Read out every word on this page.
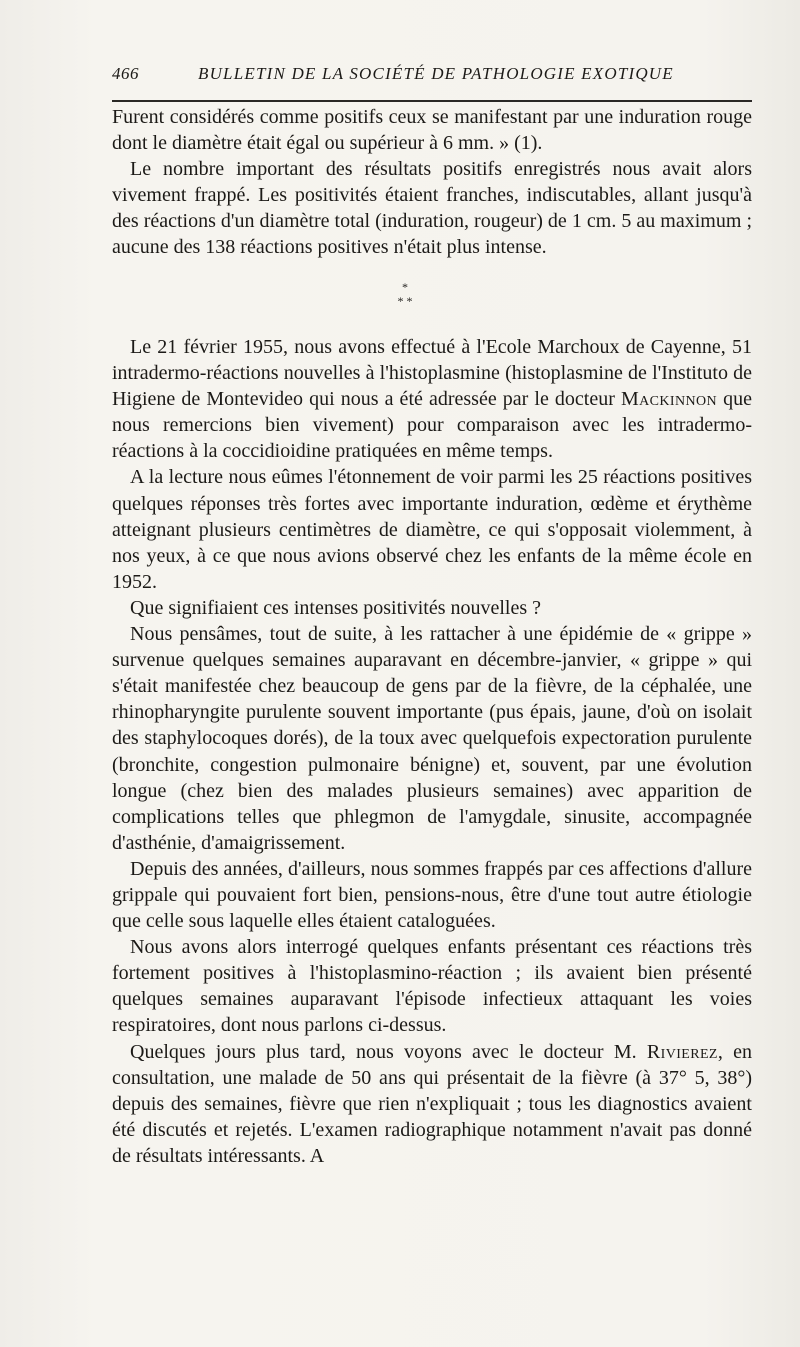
466	BULLETIN DE LA SOCIÉTÉ DE PATHOLOGIE EXOTIQUE

Furent considérés comme positifs ceux se manifestant par une induration rouge dont le diamètre était égal ou supérieur à 6 mm. » (1).

Le nombre important des résultats positifs enregistrés nous avait alors vivement frappé. Les positivités étaient franches, indiscutables, allant jusqu'à des réactions d'un diamètre total (induration, rougeur) de 1 cm. 5 au maximum ; aucune des 138 réactions positives n'était plus intense.

*
* *

Le 21 février 1955, nous avons effectué à l'Ecole Marchoux de Cayenne, 51 intradermo-réactions nouvelles à l'histoplasmine (histoplasmine de l'Instituto de Higiene de Montevideo qui nous a été adressée par le docteur Mackinnon que nous remercions bien vivement) pour comparaison avec les intradermo-réactions à la coccidioidine pratiquées en même temps.

A la lecture nous eûmes l'étonnement de voir parmi les 25 réactions positives quelques réponses très fortes avec importante induration, œdème et érythème atteignant plusieurs centimètres de diamètre, ce qui s'opposait violemment, à nos yeux, à ce que nous avions observé chez les enfants de la même école en 1952.

Que signifiaient ces intenses positivités nouvelles ?

Nous pensâmes, tout de suite, à les rattacher à une épidémie de « grippe » survenue quelques semaines auparavant en décembre-janvier, « grippe » qui s'était manifestée chez beaucoup de gens par de la fièvre, de la céphalée, une rhinopharyngite purulente souvent importante (pus épais, jaune, d'où on isolait des staphylocoques dorés), de la toux avec quelquefois expectoration purulente (bronchite, congestion pulmonaire bénigne) et, souvent, par une évolution longue (chez bien des malades plusieurs semaines) avec apparition de complications telles que phlegmon de l'amygdale, sinusite, accompagnée d'asthénie, d'amaigrissement.

Depuis des années, d'ailleurs, nous sommes frappés par ces affections d'allure grippale qui pouvaient fort bien, pensions-nous, être d'une tout autre étiologie que celle sous laquelle elles étaient cataloguées.

Nous avons alors interrogé quelques enfants présentant ces réactions très fortement positives à l'histoplasmino-réaction ; ils avaient bien présenté quelques semaines auparavant l'épisode infectieux attaquant les voies respiratoires, dont nous parlons ci-dessus.

Quelques jours plus tard, nous voyons avec le docteur M. Rivierez, en consultation, une malade de 50 ans qui présentait de la fièvre (à 37° 5, 38°) depuis des semaines, fièvre que rien n'expliquait ; tous les diagnostics avaient été discutés et rejetés. L'examen radiographique notamment n'avait pas donné de résultats intéressants. A
